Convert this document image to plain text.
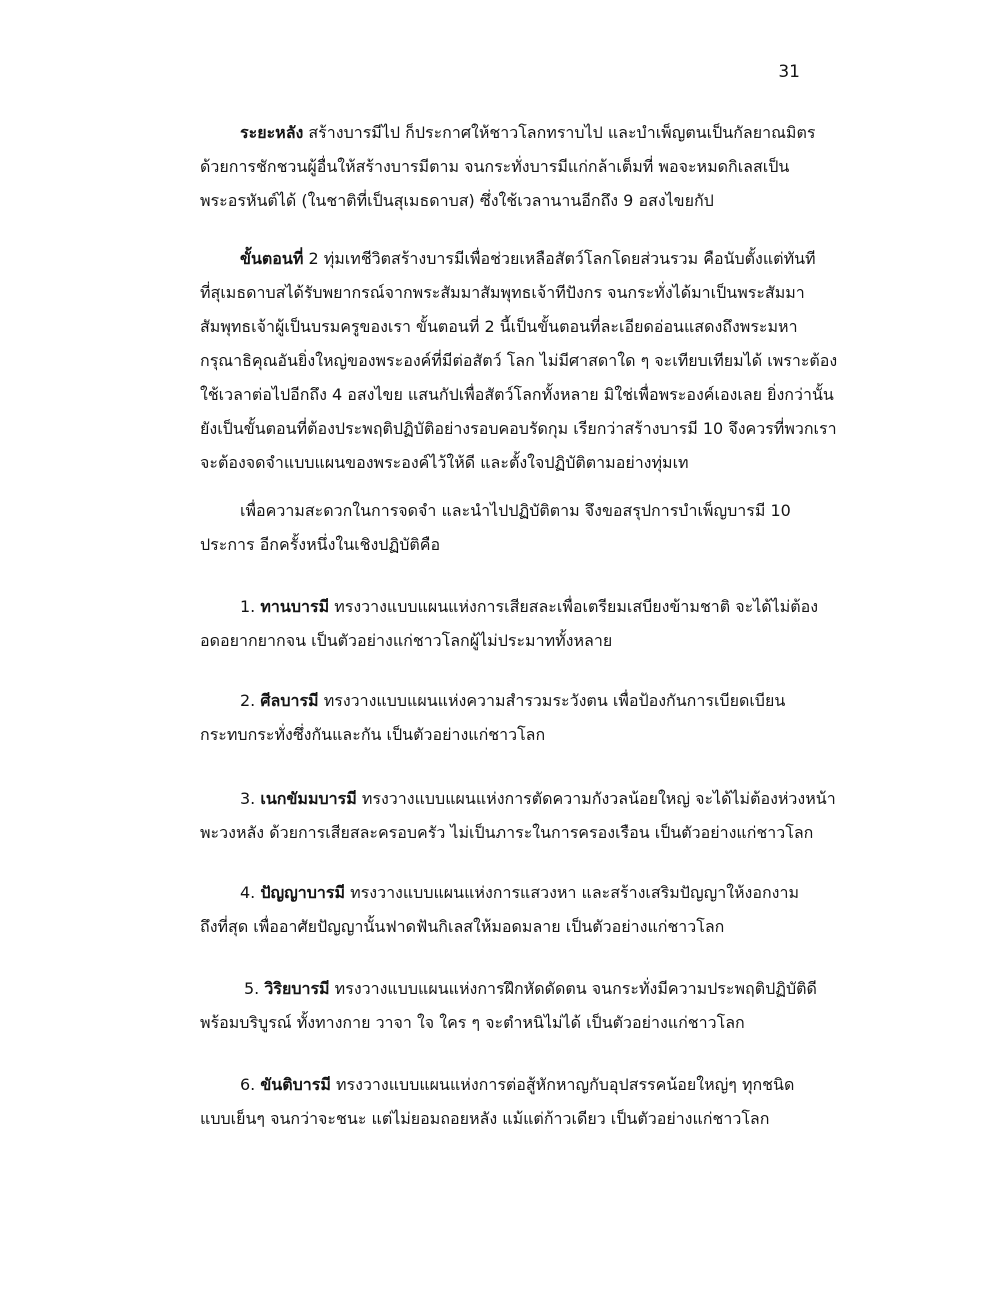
31
ระยะหลัง สร้างบารมีไป ก็ประกาศให้ชาวโลกทราบไป และบำเพ็ญตนเป็นกัลยาณมิตร
ด้วยการชักชวนผู้อื่นให้สร้างบารมีตาม จนกระทั่งบารมีแก่กล้าเต็มที่ พอจะหมดกิเลสเป็น
พระอรหันต์ได้ (ในชาติที่เป็นสุเมธดาบส) ซึ่งใช้เวลานานอีกถึง 9 อสงไขยกัป
ขั้นตอนที่ 2 ทุ่มเทชีวิตสร้างบารมีเพื่อช่วยเหลือสัตว์โลกโดยส่วนรวม คือนับตั้งแต่ทันที
ที่สุเมธดาบสได้รับพยากรณ์จากพระสัมมาสัมพุทธเจ้าทีปังกร จนกระทั่งได้มาเป็นพระสัมมา
สัมพุทธเจ้าผู้เป็นบรมครูของเรา ขั้นตอนที่ 2 นี้เป็นขั้นตอนที่ละเอียดอ่อนแสดงถึงพระมหา
กรุณาธิคุณอันยิ่งใหญ่ของพระองค์ที่มีต่อสัตว์ โลก ไม่มีศาสดาใด ๆ จะเทียบเทียมได้ เพราะต้อง
ใช้เวลาต่อไปอีกถึง 4 อสงไขย แสนกัปเพื่อสัตว์โลกทั้งหลาย มิใช่เพื่อพระองค์เองเลย ยิ่งกว่านั้น
ยังเป็นขั้นตอนที่ต้องประพฤติปฏิบัติอย่างรอบคอบรัดกุม เรียกว่าสร้างบารมี 10 จึงควรที่พวกเรา
จะต้องจดจำแบบแผนของพระองค์ไว้ให้ดี และตั้งใจปฏิบัติตามอย่างทุ่มเท
เพื่อความสะดวกในการจดจำ และนำไปปฏิบัติตาม จึงขอสรุปการบำเพ็ญบารมี 10
ประการ อีกครั้งหนึ่งในเชิงปฏิบัติคือ
1. ทานบารมี ทรงวางแบบแผนแห่งการเสียสละเพื่อเตรียมเสบียงข้ามชาติ จะได้ไม่ต้อง
อดอยากยากจน เป็นตัวอย่างแก่ชาวโลกผู้ไม่ประมาททั้งหลาย
2. ศีลบารมี ทรงวางแบบแผนแห่งความสำรวมระวังตน เพื่อป้องกันการเบียดเบียน
กระทบกระทั่งซึ่งกันและกัน เป็นตัวอย่างแก่ชาวโลก
3. เนกขัมมบารมี ทรงวางแบบแผนแห่งการตัดความกังวลน้อยใหญ่ จะได้ไม่ต้องห่วงหน้า
พะวงหลัง ด้วยการเสียสละครอบครัว ไม่เป็นภาระในการครองเรือน เป็นตัวอย่างแก่ชาวโลก
4. ปัญญาบารมี ทรงวางแบบแผนแห่งการแสวงหา และสร้างเสริมปัญญาให้งอกงาม
ถึงที่สุด เพื่ออาศัยปัญญานั้นฟาดฟันกิเลสให้มอดมลาย เป็นตัวอย่างแก่ชาวโลก
5. วิริยบารมี ทรงวางแบบแผนแห่งการฝึกหัดดัดตน จนกระทั่งมีความประพฤติปฏิบัติดี
พร้อมบริบูรณ์ ทั้งทางกาย วาจา ใจ ใคร ๆ จะตำหนิไม่ได้ เป็นตัวอย่างแก่ชาวโลก
6. ขันติบารมี ทรงวางแบบแผนแห่งการต่อสู้หักหาญกับอุปสรรคน้อยใหญ่ๆ ทุกชนิด
แบบเย็นๆ จนกว่าจะชนะ แต่ไม่ยอมถอยหลัง แม้แต่ก้าวเดียว เป็นตัวอย่างแก่ชาวโลก
